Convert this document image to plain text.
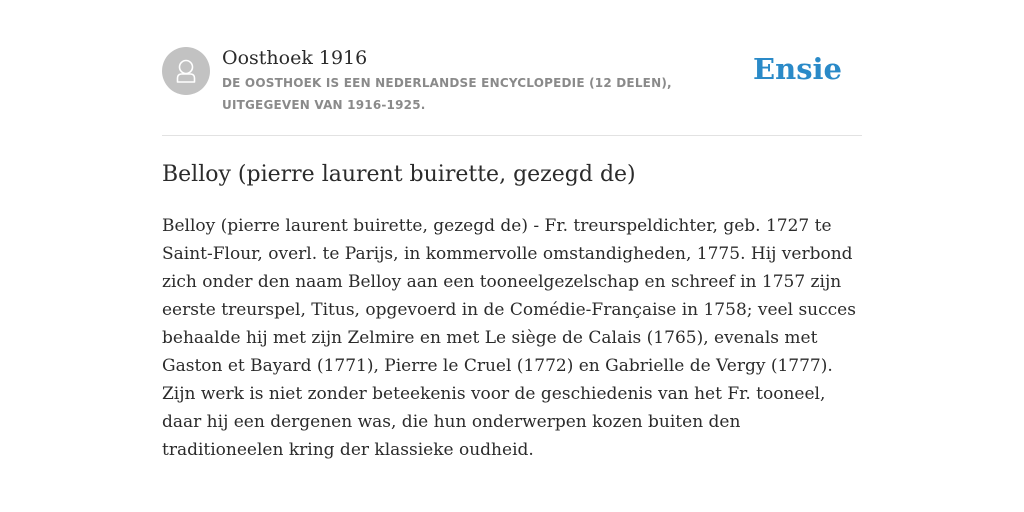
Oosthoek 1916
DE OOSTHOEK IS EEN NEDERLANDSE ENCYCLOPEDIE (12 DELEN), UITGEGEVEN VAN 1916-1925.
Ensie
Belloy (pierre laurent buirette, gezegd de)

Belloy (pierre laurent buirette, gezegd de) - Fr. treurspeldichter, geb. 1727 te Saint-Flour, overl. te Parijs, in kommervolle omstandigheden, 1775. Hij verbond zich onder den naam Belloy aan een tooneelgezelschap en schreef in 1757 zijn eerste treurspel, Titus, opgevoerd in de Comédie-Française in 1758; veel succes behaalde hij met zijn Zelmire en met Le siège de Calais (1765), evenals met Gaston et Bayard (1771), Pierre le Cruel (1772) en Gabrielle de Vergy (1777). Zijn werk is niet zonder beteekenis voor de geschiedenis van het Fr. tooneel, daar hij een dergenen was, die hun onderwerpen kozen buiten den traditioneelen kring der klassieke oudheid.
